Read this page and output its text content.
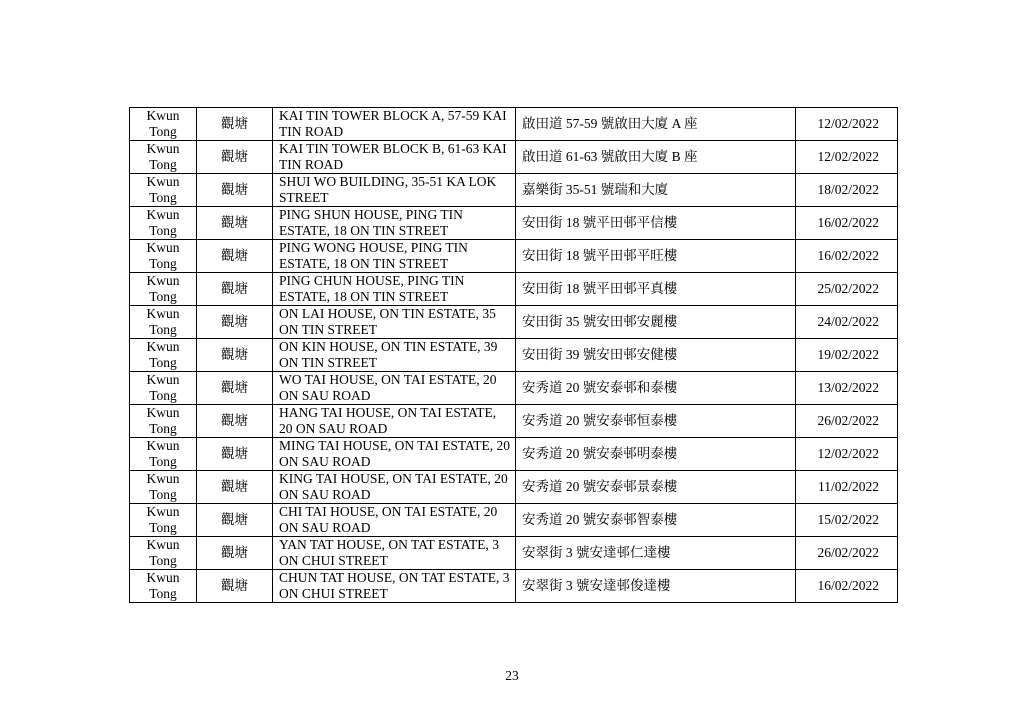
Kwun Tong	觀塘	KAI TIN TOWER BLOCK A, 57-59 KAI TIN ROAD	啟田道 57-59 號啟田大廈 A 座	12/02/2022
Kwun Tong	觀塘	KAI TIN TOWER BLOCK B, 61-63 KAI TIN ROAD	啟田道 61-63 號啟田大廈 B 座	12/02/2022
Kwun Tong	觀塘	SHUI WO BUILDING, 35-51 KA LOK STREET	嘉樂街 35-51 號瑞和大廈	18/02/2022
Kwun Tong	觀塘	PING SHUN HOUSE, PING TIN ESTATE, 18 ON TIN STREET	安田街 18 號平田邨平信樓	16/02/2022
Kwun Tong	觀塘	PING WONG HOUSE, PING TIN ESTATE, 18 ON TIN STREET	安田街 18 號平田邨平旺樓	16/02/2022
Kwun Tong	觀塘	PING CHUN HOUSE, PING TIN ESTATE, 18 ON TIN STREET	安田街 18 號平田邨平真樓	25/02/2022
Kwun Tong	觀塘	ON LAI HOUSE, ON TIN ESTATE, 35 ON TIN STREET	安田街 35 號安田邨安麗樓	24/02/2022
Kwun Tong	觀塘	ON KIN HOUSE, ON TIN ESTATE, 39 ON TIN STREET	安田街 39 號安田邨安健樓	19/02/2022
Kwun Tong	觀塘	WO TAI HOUSE, ON TAI ESTATE, 20 ON SAU ROAD	安秀道 20 號安泰邨和泰樓	13/02/2022
Kwun Tong	觀塘	HANG TAI HOUSE, ON TAI ESTATE, 20 ON SAU ROAD	安秀道 20 號安泰邨恒泰樓	26/02/2022
Kwun Tong	觀塘	MING TAI HOUSE, ON TAI ESTATE, 20 ON SAU ROAD	安秀道 20 號安泰邨明泰樓	12/02/2022
Kwun Tong	觀塘	KING TAI HOUSE, ON TAI ESTATE, 20 ON SAU ROAD	安秀道 20 號安泰邨景泰樓	11/02/2022
Kwun Tong	觀塘	CHI TAI HOUSE, ON TAI ESTATE, 20 ON SAU ROAD	安秀道 20 號安泰邨智泰樓	15/02/2022
Kwun Tong	觀塘	YAN TAT HOUSE, ON TAT ESTATE, 3 ON CHUI STREET	安翠街 3 號安達邨仁達樓	26/02/2022
Kwun Tong	觀塘	CHUN TAT HOUSE, ON TAT ESTATE, 3 ON CHUI STREET	安翠街 3 號安達邨俊達樓	16/02/2022
23
